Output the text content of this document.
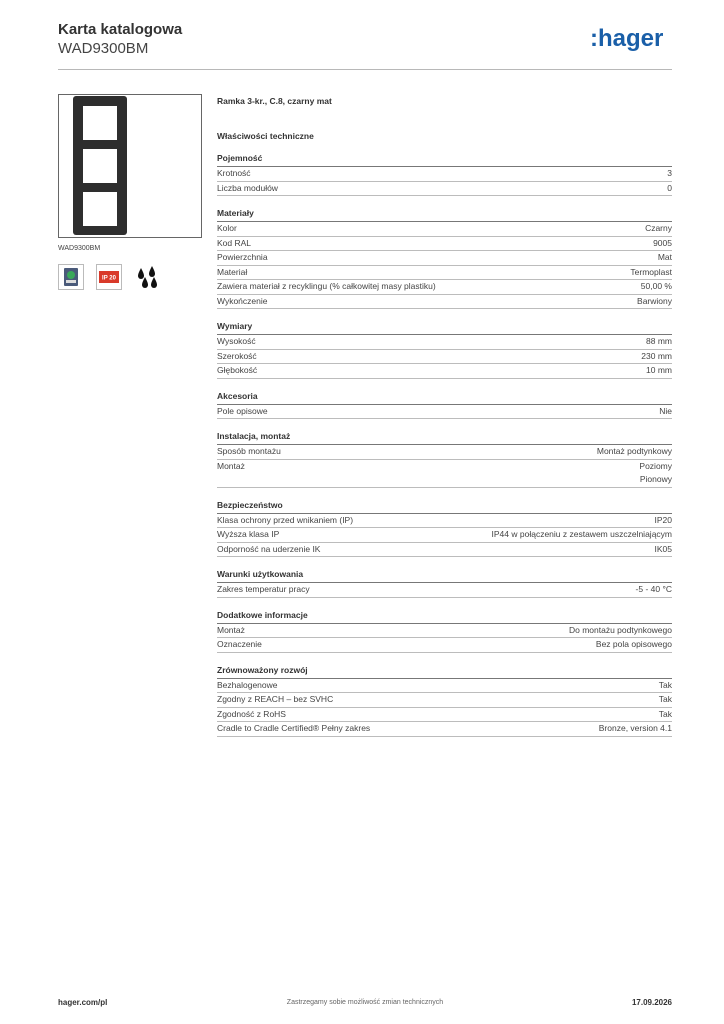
Karta katalogowa
WAD9300BM	:hager
WAD9300BM
IP 20
Ramka 3-kr., C.8, czarny mat
Właściwości techniczne
Pojemność
Krotność	3
Liczba modułów	0
Materiały
Kolor	Czarny
Kod RAL	9005
Powierzchnia	Mat
Materiał	Termoplast
Zawiera materiał z recyklingu (% całkowitej masy plastiku)	50,00 %
Wykończenie	Barwiony
Wymiary
Wysokość	88 mm
Szerokość	230 mm
Głębokość	10 mm
Akcesoria
Pole opisowe	Nie
Instalacja, montaż
Sposób montażu	Montaż podtynkowy
Montaż	Poziomy
Pionowy
Bezpieczeństwo
Klasa ochrony przed wnikaniem (IP)	IP20
Wyższa klasa IP	IP44 w połączeniu z zestawem uszczelniającym
Odporność na uderzenie IK	IK05
Warunki użytkowania
Zakres temperatur pracy	-5 - 40 °C
Dodatkowe informacje
Montaż	Do montażu podtynkowego
Oznaczenie	Bez pola opisowego
Zrównoważony rozwój
Bezhalogenowe	Tak
Zgodny z REACH – bez SVHC	Tak
Zgodność z RoHS	Tak
Cradle to Cradle Certified® Pełny zakres	Bronze, version 4.1
Zastrzegamy sobie możliwość zmian technicznych
hager.com/pl	17.09.2026
